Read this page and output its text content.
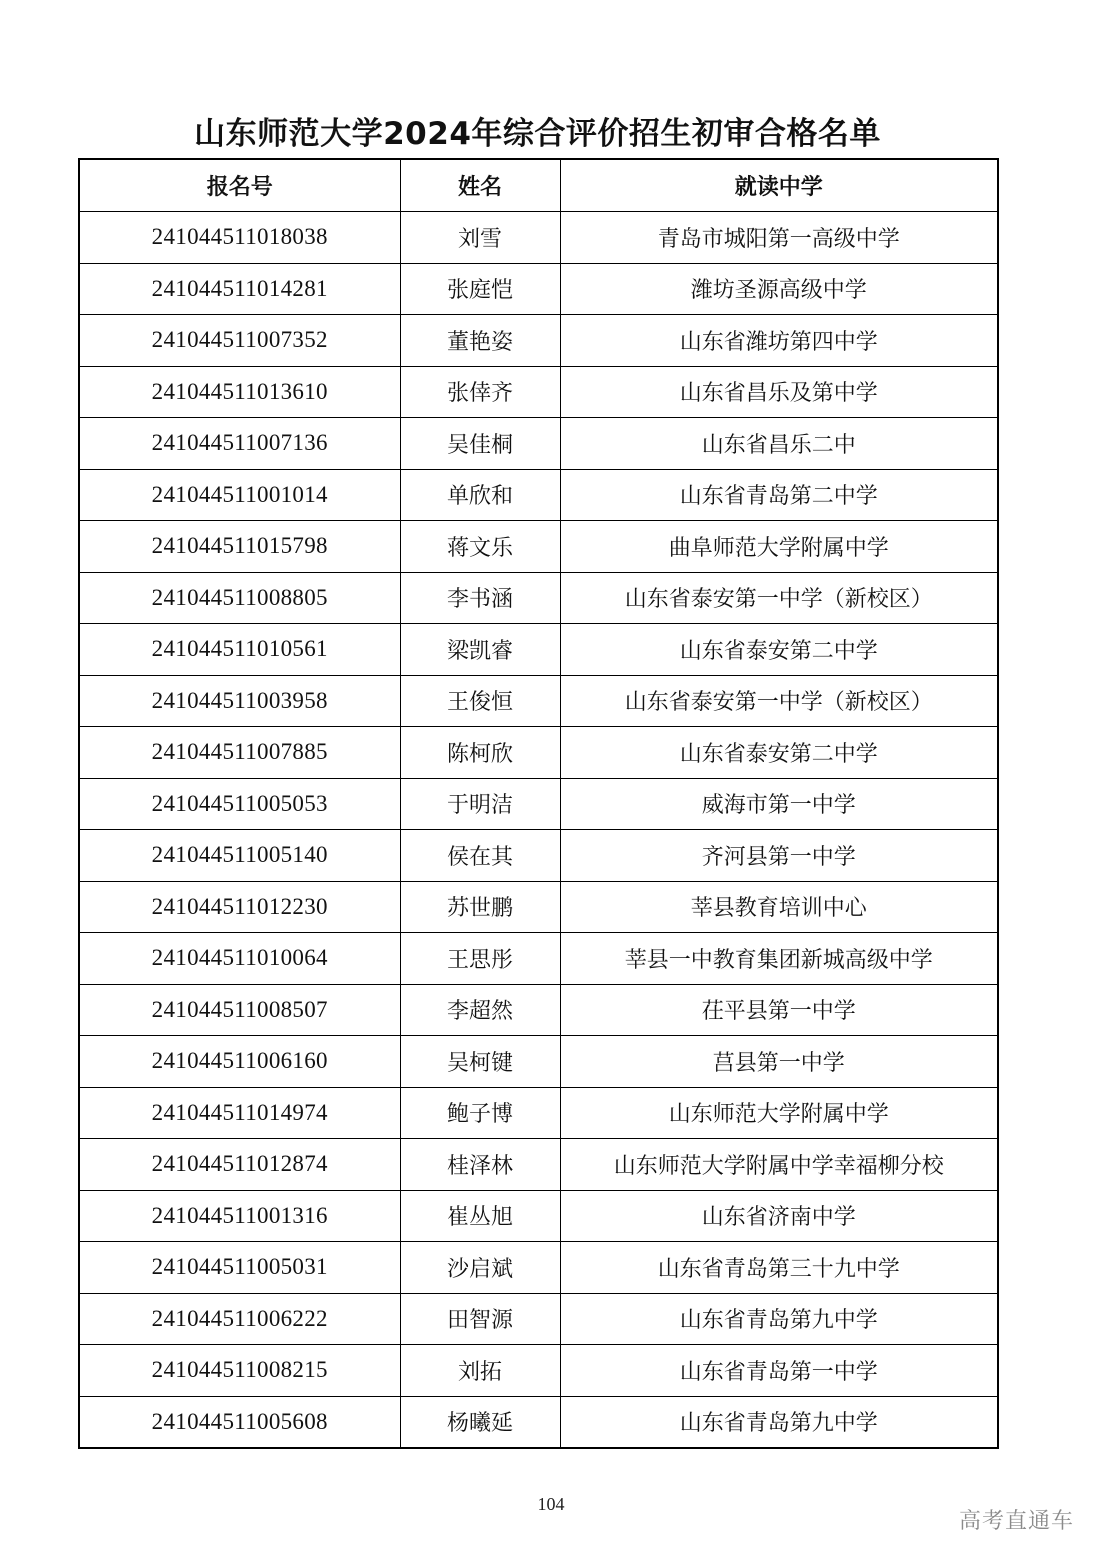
山东师范大学2024年综合评价招生初审合格名单
报名号	姓名	就读中学
241044511018038	刘雪	青岛市城阳第一高级中学
241044511014281	张庭恺	潍坊圣源高级中学
241044511007352	董艳姿	山东省潍坊第四中学
241044511013610	张倖齐	山东省昌乐及第中学
241044511007136	吴佳桐	山东省昌乐二中
241044511001014	单欣和	山东省青岛第二中学
241044511015798	蒋文乐	曲阜师范大学附属中学
241044511008805	李书涵	山东省泰安第一中学（新校区）
241044511010561	梁凯睿	山东省泰安第二中学
241044511003958	王俊恒	山东省泰安第一中学（新校区）
241044511007885	陈柯欣	山东省泰安第二中学
241044511005053	于明洁	威海市第一中学
241044511005140	侯在其	齐河县第一中学
241044511012230	苏世鹏	莘县教育培训中心
241044511010064	王思彤	莘县一中教育集团新城高级中学
241044511008507	李超然	茌平县第一中学
241044511006160	吴柯键	莒县第一中学
241044511014974	鲍子博	山东师范大学附属中学
241044511012874	桂泽林	山东师范大学附属中学幸福柳分校
241044511001316	崔丛旭	山东省济南中学
241044511005031	沙启斌	山东省青岛第三十九中学
241044511006222	田智源	山东省青岛第九中学
241044511008215	刘拓	山东省青岛第一中学
241044511005608	杨曦延	山东省青岛第九中学
104
高考直通车
